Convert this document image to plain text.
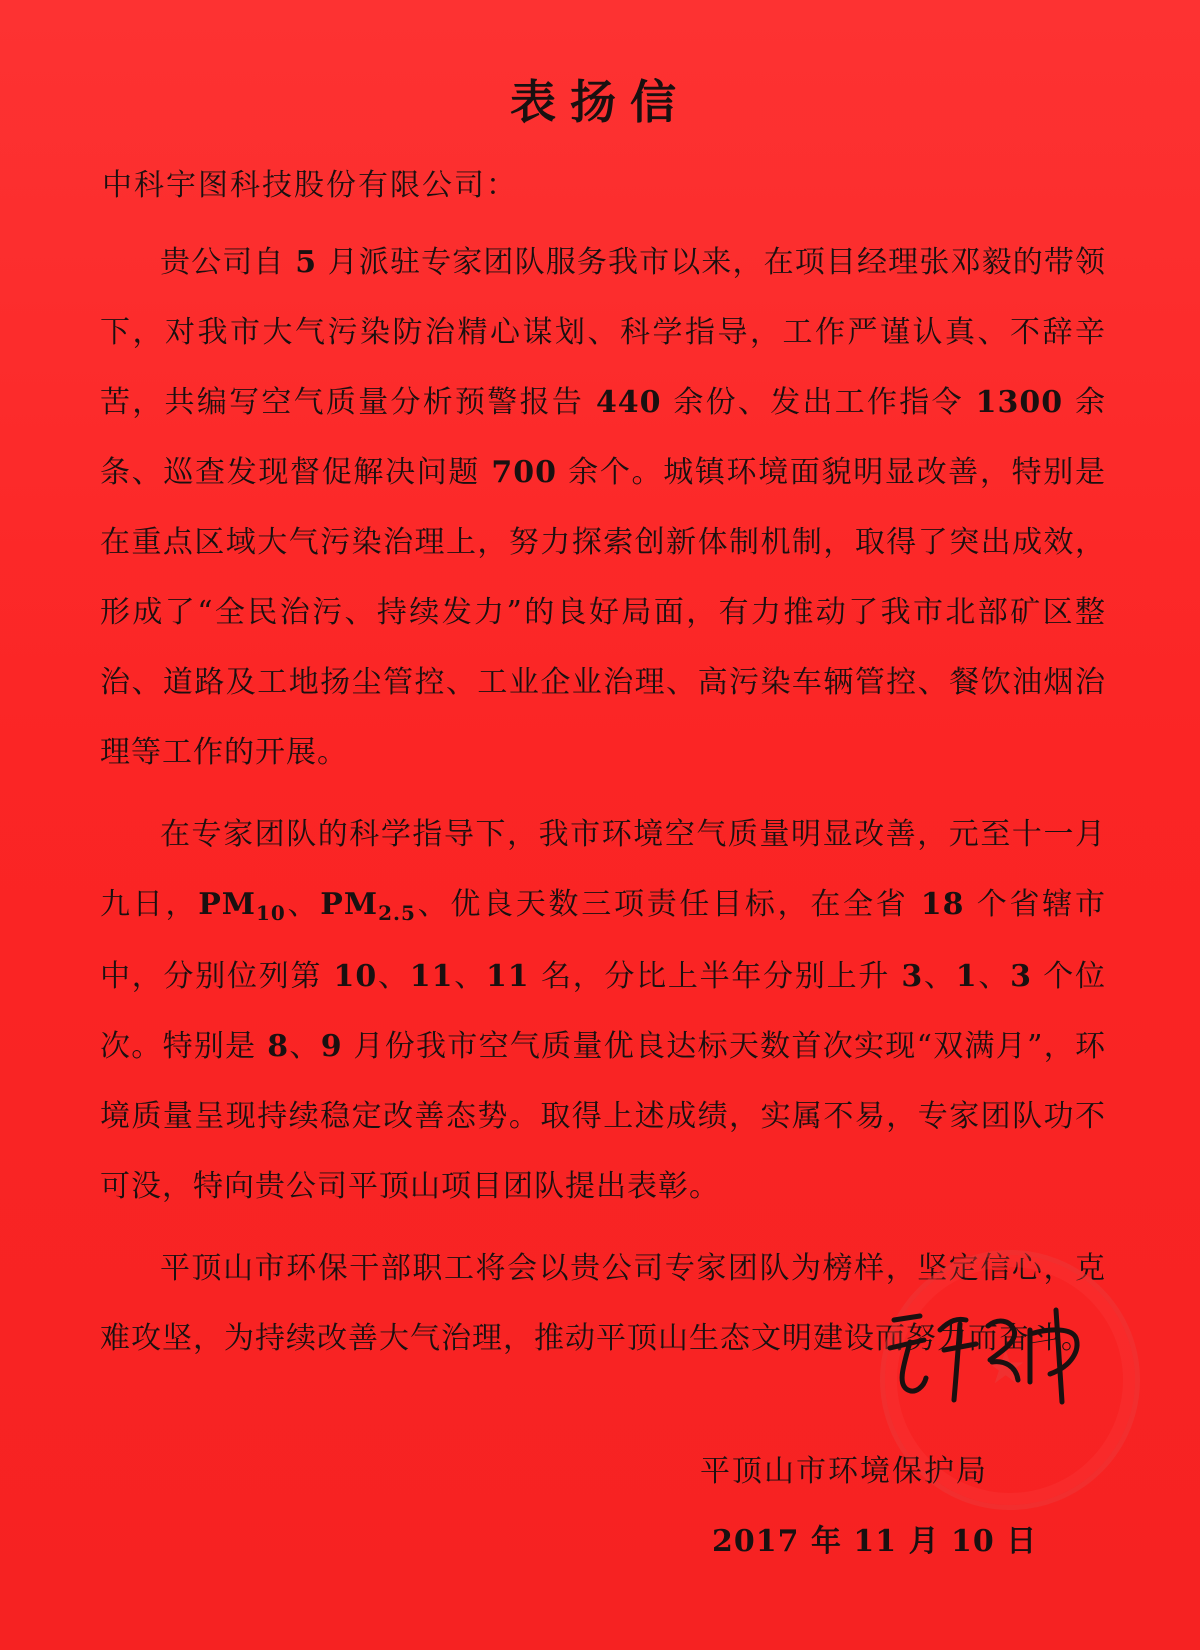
表扬信
中科宇图科技股份有限公司：

贵公司自 5 月派驻专家团队服务我市以来，在项目经理张邓毅的带领下，对我市大气污染防治精心谋划、科学指导，工作严谨认真、不辞辛苦，共编写空气质量分析预警报告 440 余份、发出工作指令 1300 余条、巡查发现督促解决问题 700 余个。城镇环境面貌明显改善，特别是在重点区域大气污染治理上，努力探索创新体制机制，取得了突出成效，形成了“全民治污、持续发力”的良好局面，有力推动了我市北部矿区整治、道路及工地扬尘管控、工业企业治理、高污染车辆管控、餐饮油烟治理等工作的开展。

在专家团队的科学指导下，我市环境空气质量明显改善，元至十一月九日，$PM_{10}$、$PM_{2.5}$、优良天数三项责任目标，在全省 18 个省辖市中，分别位列第 10、11、11 名，分比上半年分别上升 3、1、3 个位次。特别是 8、9 月份我市空气质量优良达标天数首次实现“双满月”，环境质量呈现持续稳定改善态势。取得上述成绩，实属不易，专家团队功不可没，特向贵公司平顶山项目团队提出表彰。

平顶山市环保干部职工将会以贵公司专家团队为榜样，坚定信心，克难攻坚，为持续改善大气治理，推动平顶山生态文明建设而努力而奋斗。

★
平顶山市环境保护局
2017 年 11 月 10 日
